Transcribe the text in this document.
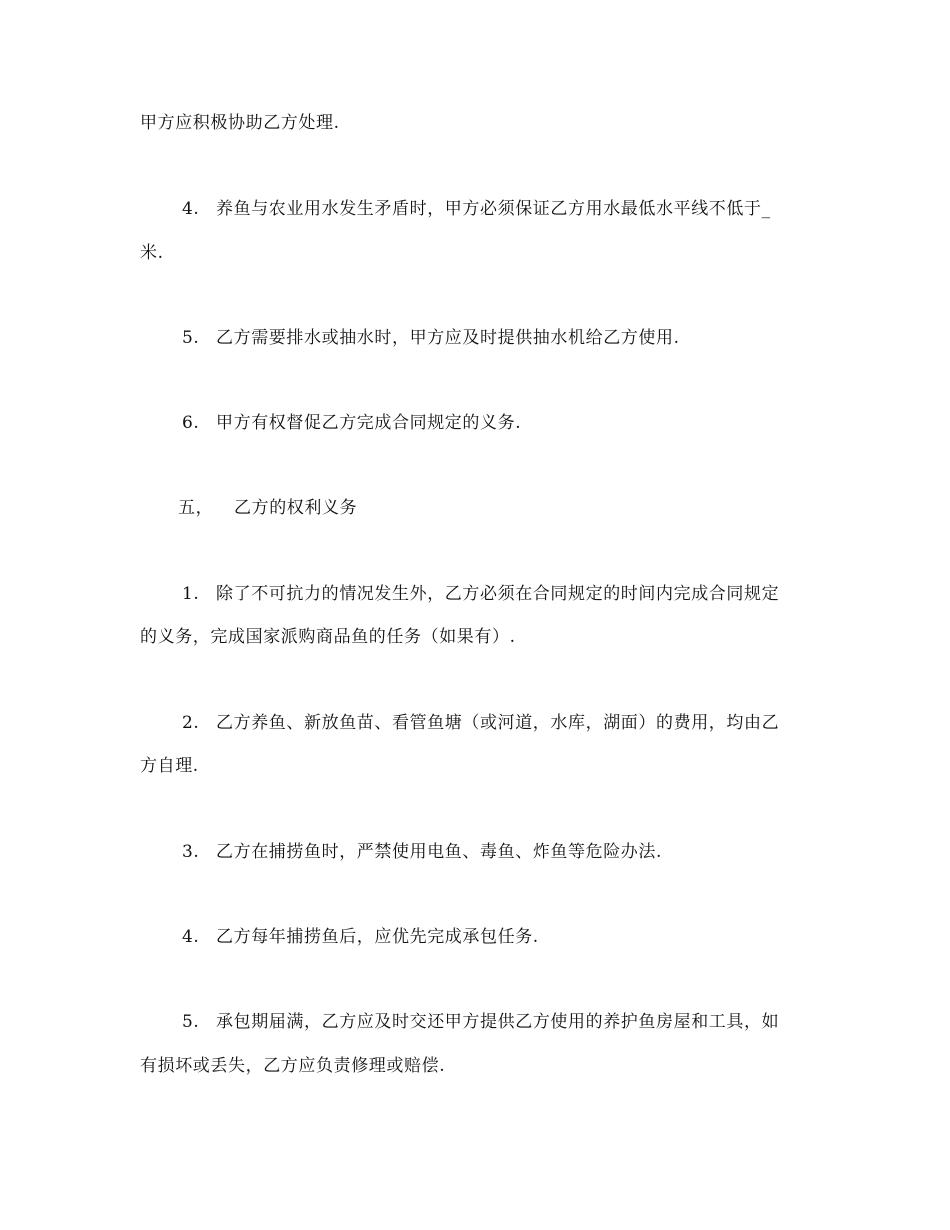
甲方应积极协助乙方处理.
4. 养鱼与农业用水发生矛盾时，甲方必须保证乙方用水最低水平线不低于_
米.
5. 乙方需要排水或抽水时，甲方应及时提供抽水机给乙方使用.
6. 甲方有权督促乙方完成合同规定的义务.
五， 乙方的权利义务
1. 除了不可抗力的情况发生外，乙方必须在合同规定的时间内完成合同规定
的义务，完成国家派购商品鱼的任务（如果有）.
2. 乙方养鱼、新放鱼苗、看管鱼塘（或河道，水库，湖面）的费用，均由乙
方自理.
3. 乙方在捕捞鱼时，严禁使用电鱼、毒鱼、炸鱼等危险办法.
4. 乙方每年捕捞鱼后，应优先完成承包任务.
5. 承包期届满，乙方应及时交还甲方提供乙方使用的养护鱼房屋和工具，如
有损坏或丢失，乙方应负责修理或赔偿.
